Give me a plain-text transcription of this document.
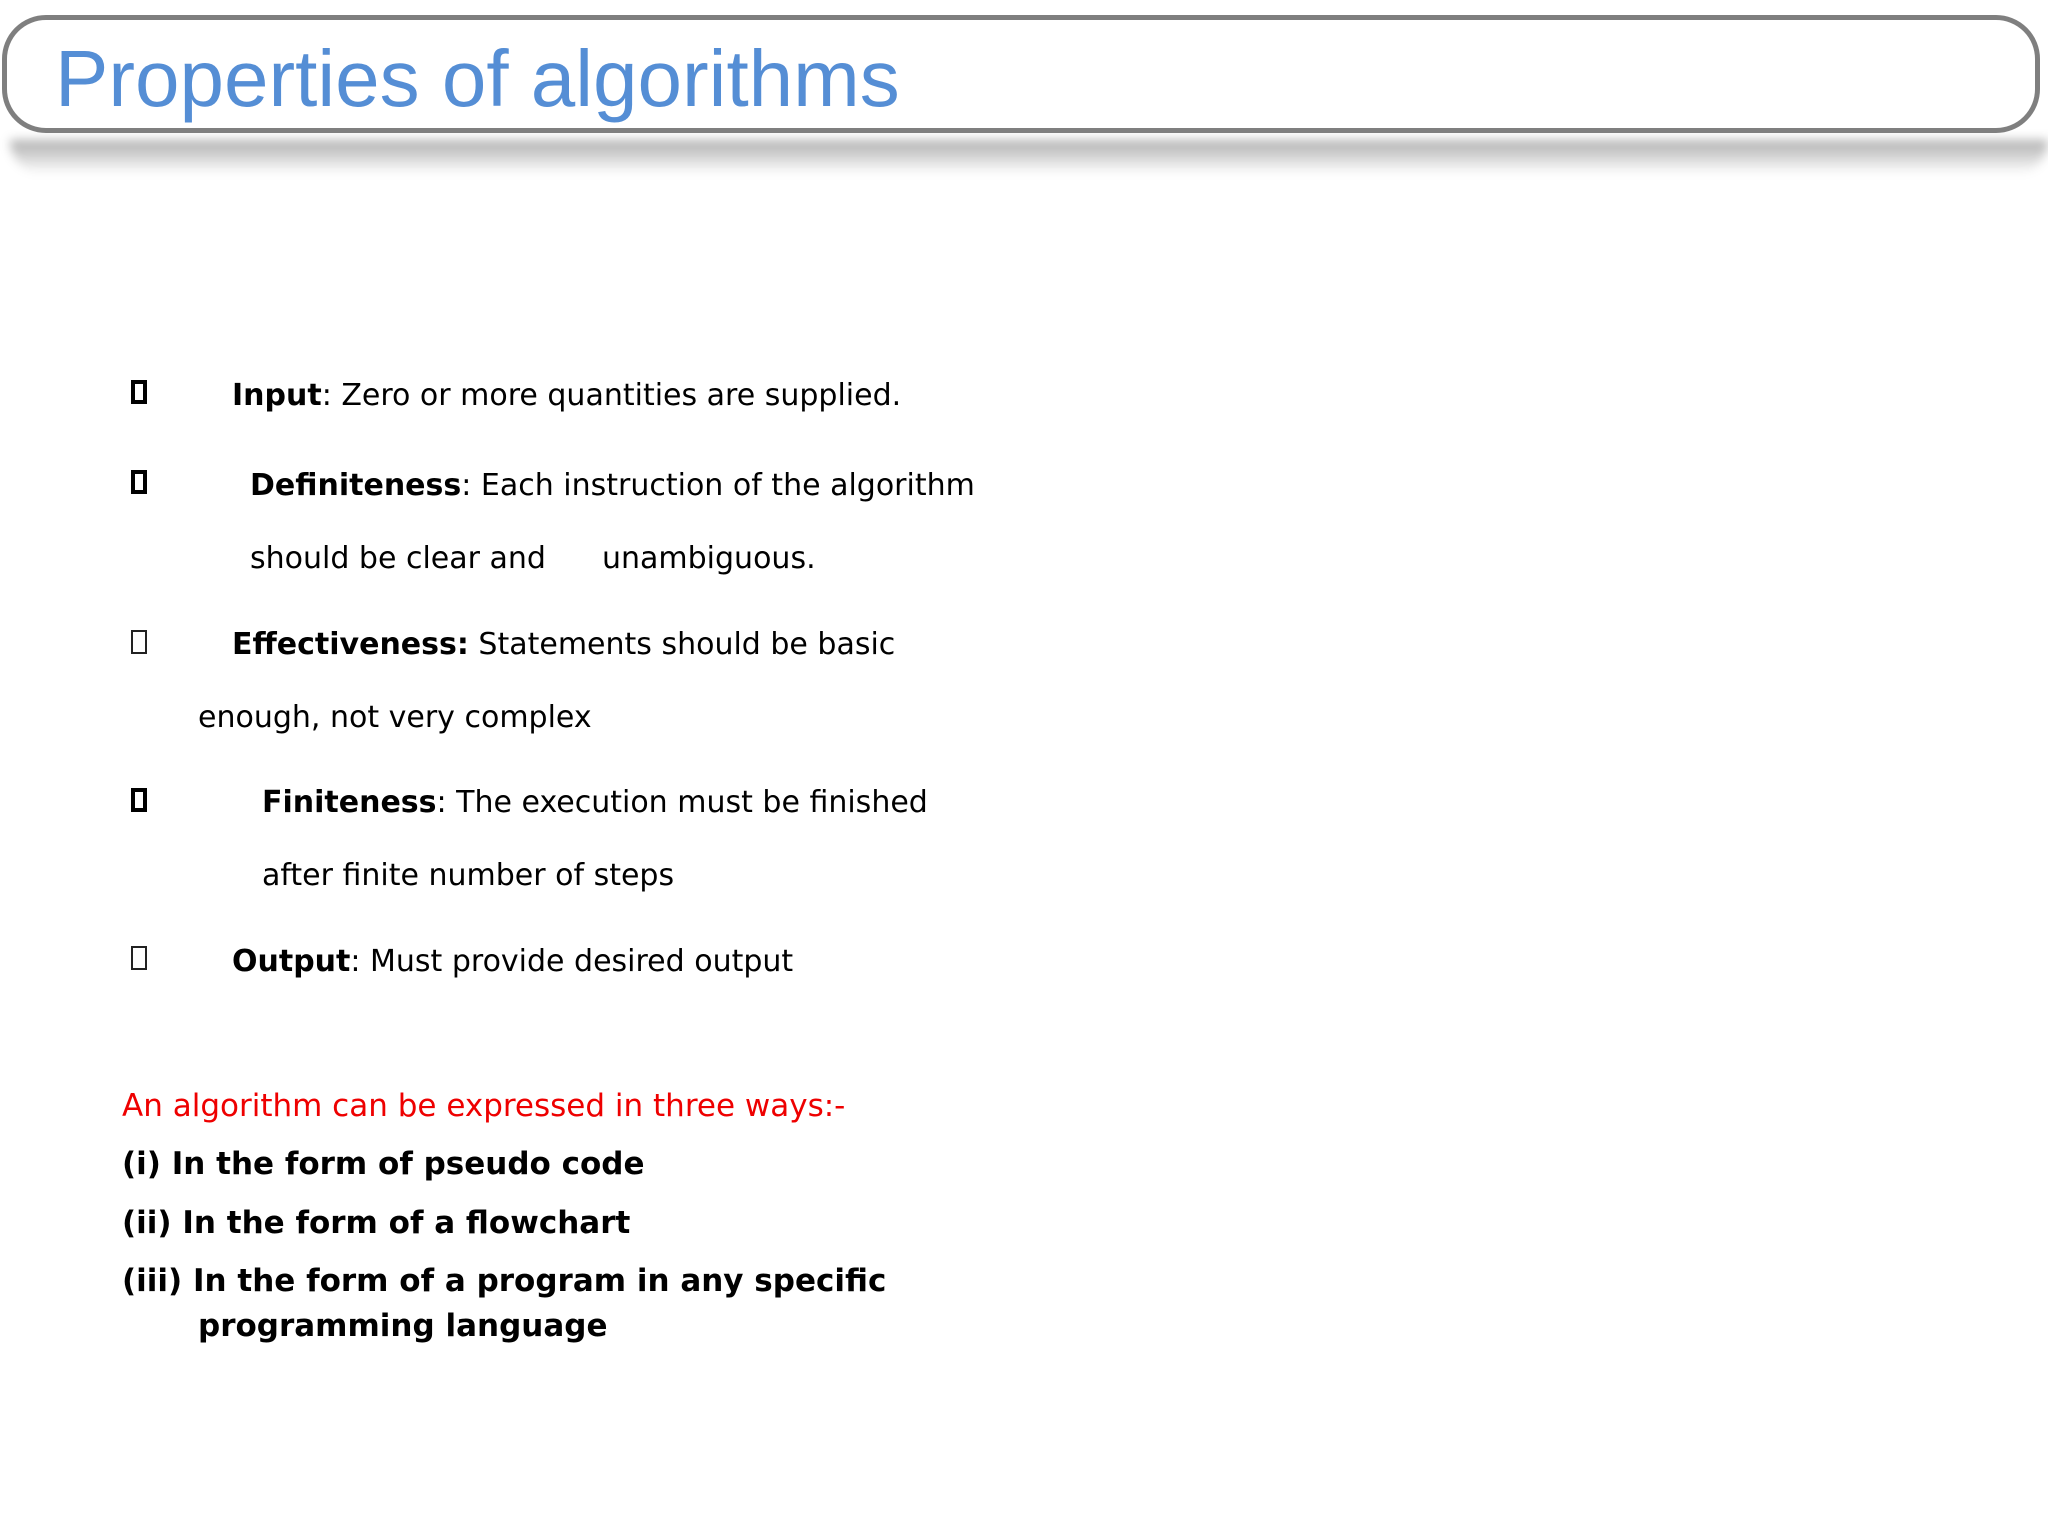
Properties of algorithms
Input: Zero or more quantities are supplied.
Definiteness: Each instruction of the algorithm
should be clear and unambiguous.
Effectiveness: Statements should be basic
enough, not very complex
Finiteness: The execution must be finished
after finite number of steps
Output: Must provide desired output
An algorithm can be expressed in three ways:-
(i) In the form of pseudo code
(ii) In the form of a flowchart
(iii) In the form of a program in any specific
programming language
